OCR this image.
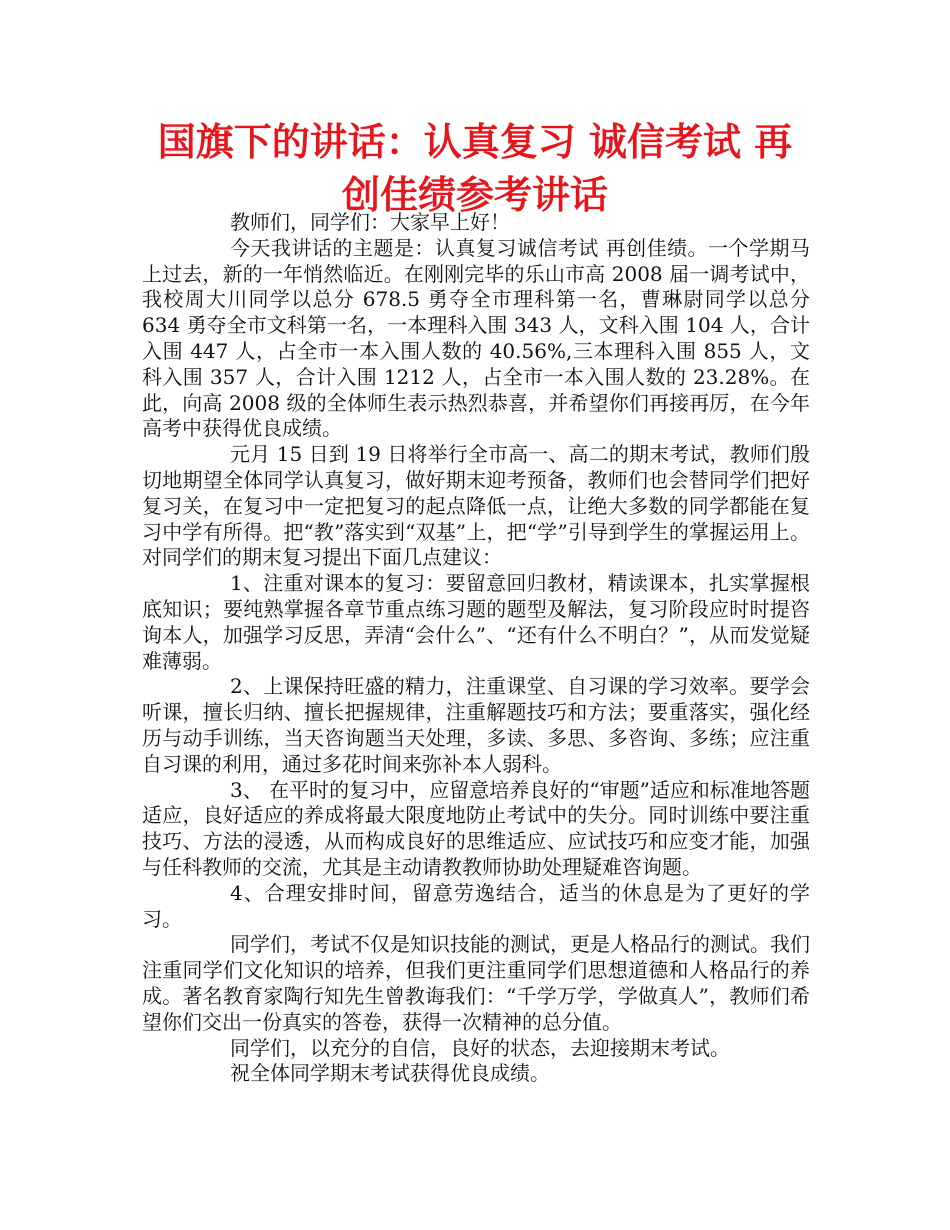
国旗下的讲话：认真复习 诚信考试 再创佳绩参考讲话

教师们，同学们：大家早上好！

今天我讲话的主题是：认真复习诚信考试 再创佳绩。一个学期马上过去，新的一年悄然临近。在刚刚完毕的乐山市高 2008 届一调考试中，我校周大川同学以总分 678.5 勇夺全市理科第一名，曹琳尉同学以总分 634 勇夺全市文科第一名，一本理科入围 343 人，文科入围 104 人，合计入围 447 人，占全市一本入围人数的 40.56%,三本理科入围 855 人，文科入围 357 人，合计入围 1212 人，占全市一本入围人数的 23.28%。在此，向高 2008 级的全体师生表示热烈恭喜，并希望你们再接再厉，在今年高考中获得优良成绩。

元月 15 日到 19 日将举行全市高一、高二的期末考试，教师们殷切地期望全体同学认真复习，做好期末迎考预备，教师们也会替同学们把好复习关，在复习中一定把复习的起点降低一点，让绝大多数的同学都能在复习中学有所得。把“教”落实到“双基”上，把“学”引导到学生的掌握运用上。对同学们的期末复习提出下面几点建议：

1、注重对课本的复习：要留意回归教材，精读课本，扎实掌握根底知识；要纯熟掌握各章节重点练习题的题型及解法，复习阶段应时时提咨询本人，加强学习反思，弄清“会什么”、“还有什么不明白？”，从而发觉疑难薄弱。

2、上课保持旺盛的精力，注重课堂、自习课的学习效率。要学会听课，擅长归纳、擅长把握规律，注重解题技巧和方法；要重落实，强化经历与动手训练，当天咨询题当天处理，多读、多思、多咨询、多练；应注重自习课的利用，通过多花时间来弥补本人弱科。

3、 在平时的复习中，应留意培养良好的“审题”适应和标准地答题适应，良好适应的养成将最大限度地防止考试中的失分。同时训练中要注重技巧、方法的浸透，从而构成良好的思维适应、应试技巧和应变才能，加强与任科教师的交流，尤其是主动请教教师协助处理疑难咨询题。

4、合理安排时间，留意劳逸结合，适当的休息是为了更好的学习。

同学们，考试不仅是知识技能的测试，更是人格品行的测试。我们注重同学们文化知识的培养，但我们更注重同学们思想道德和人格品行的养成。著名教育家陶行知先生曾教诲我们：“千学万学，学做真人”，教师们希望你们交出一份真实的答卷，获得一次精神的总分值。

同学们，以充分的自信，良好的状态，去迎接期末考试。

祝全体同学期末考试获得优良成绩。
